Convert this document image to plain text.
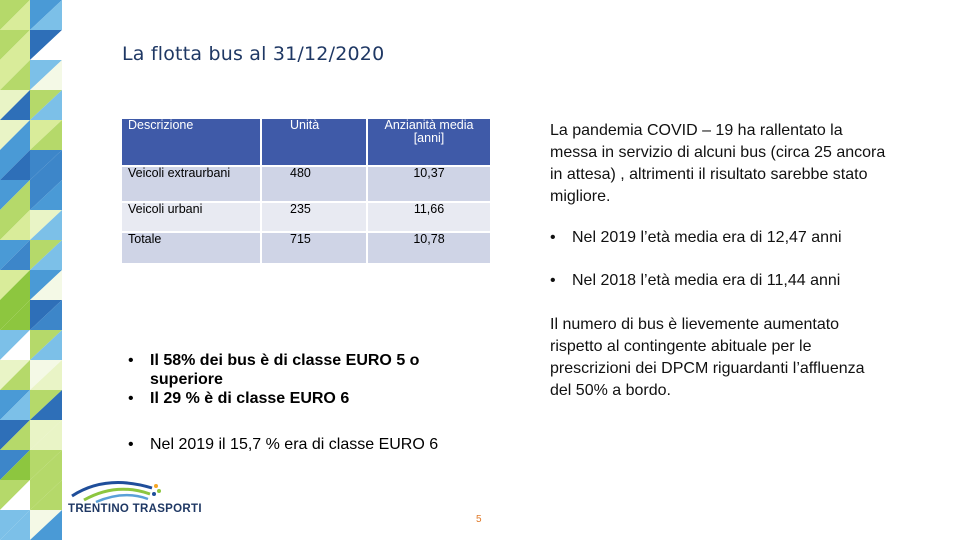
La flotta bus al 31/12/2020
Descrizione	Unità	Anzianità media [anni]
Veicoli extraurbani	480	10,37
Veicoli urbani	235	11,66
Totale	715	10,78
La pandemia COVID – 19 ha rallentato la messa in servizio di alcuni bus (circa 25 ancora in attesa) , altrimenti il risultato sarebbe stato migliore.
• Nel 2019 l’età media era di 12,47 anni
• Nel 2018 l’età media era di 11,44 anni
Il numero di bus è lievemente aumentato rispetto al contingente abituale per le prescrizioni dei DPCM riguardanti l’affluenza del 50% a bordo.
• Il 58% dei bus è di classe EURO 5 o superiore
• Il 29 % è di classe EURO 6
• Nel 2019 il 15,7 % era di classe EURO 6
TRENTINO TRASPORTI
5
